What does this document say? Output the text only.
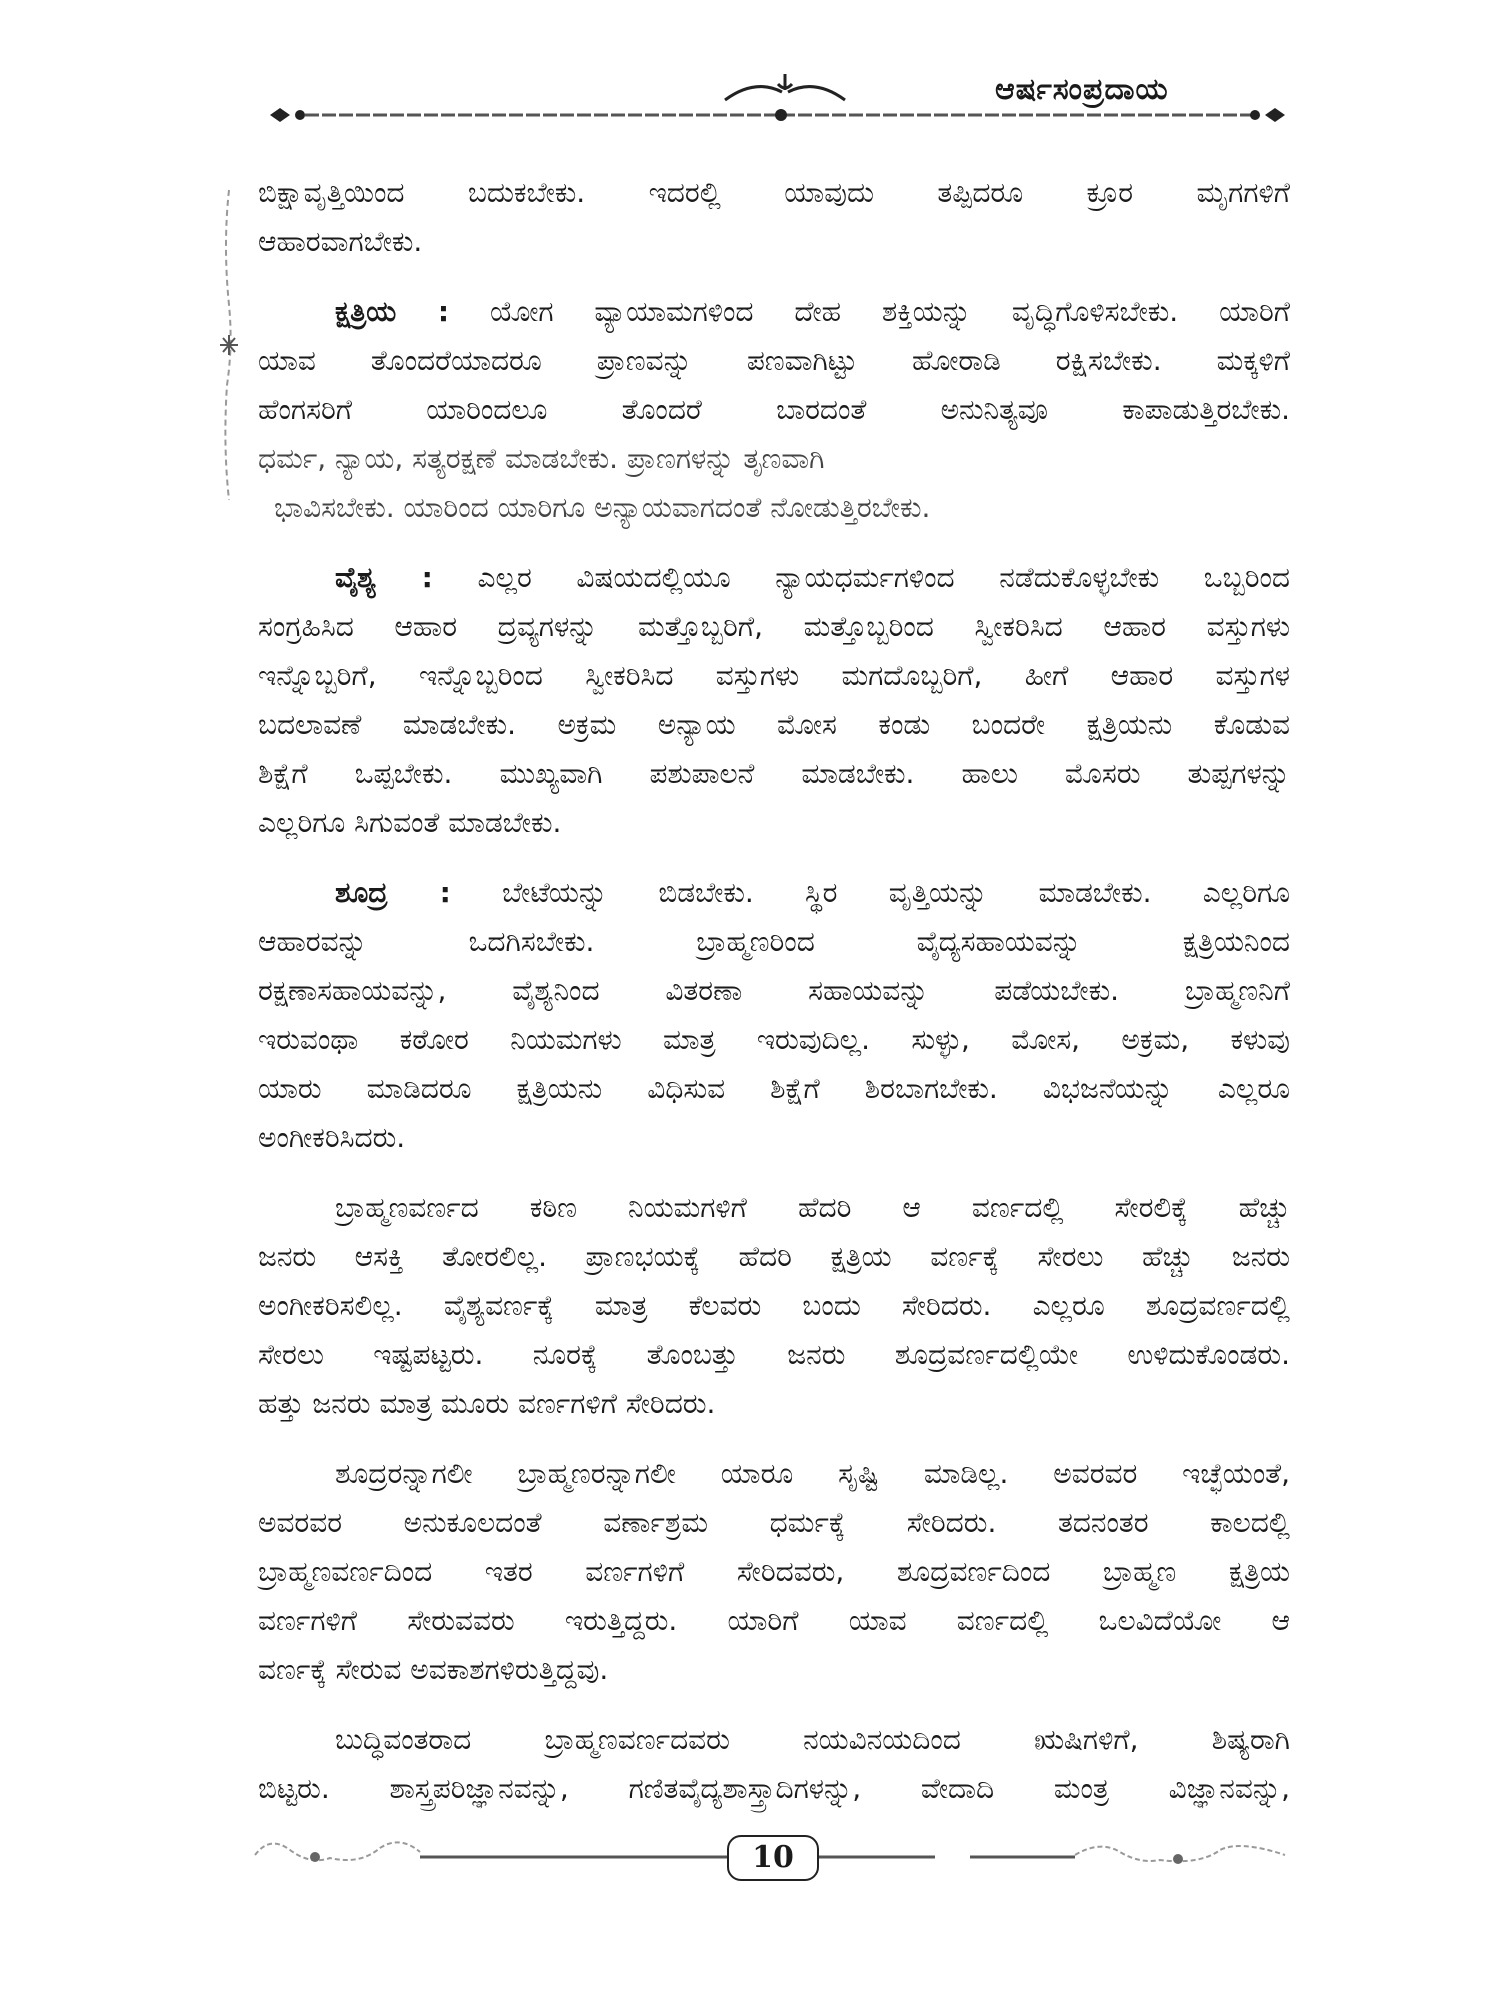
ಆರ್ಷಸಂಪ್ರದಾಯ
ಬಿಕ್ಷಾವೃತ್ತಿಯಿಂದ ಬದುಕಬೇಕು. ಇದರಲ್ಲಿ ಯಾವುದು ತಪ್ಪಿದರೂ ಕ್ರೂರ ಮೃಗಗಳಿಗೆ
ಆಹಾರವಾಗಬೇಕು.
ಕ್ಷತ್ರಿಯ : ಯೋಗ ವ್ಯಾಯಾಮಗಳಿಂದ ದೇಹ ಶಕ್ತಿಯನ್ನು ವೃದ್ಧಿಗೊಳಿಸಬೇಕು. ಯಾರಿಗೆ
ಯಾವ ತೊಂದರೆಯಾದರೂ ಪ್ರಾಣವನ್ನು ಪಣವಾಗಿಟ್ಟು ಹೋರಾಡಿ ರಕ್ಷಿಸಬೇಕು. ಮಕ್ಕಳಿಗೆ
ಹೆಂಗಸರಿಗೆ ಯಾರಿಂದಲೂ ತೊಂದರೆ ಬಾರದಂತೆ ಅನುನಿತ್ಯವೂ ಕಾಪಾಡುತ್ತಿರಬೇಕು.
ಧರ್ಮ, ನ್ಯಾಯ, ಸತ್ಯರಕ್ಷಣೆ ಮಾಡಬೇಕು. ಪ್ರಾಣಗಳನ್ನು ತೃಣವಾಗಿ
ಭಾವಿಸಬೇಕು. ಯಾರಿಂದ ಯಾರಿಗೂ ಅನ್ಯಾಯವಾಗದಂತೆ ನೋಡುತ್ತಿರಬೇಕು.
ವೈಶ್ಯ : ಎಲ್ಲರ ವಿಷಯದಲ್ಲಿಯೂ ನ್ಯಾಯಧರ್ಮಗಳಿಂದ ನಡೆದುಕೊಳ್ಳಬೇಕು ಒಬ್ಬರಿಂದ
ಸಂಗ್ರಹಿಸಿದ ಆಹಾರ ದ್ರವ್ಯಗಳನ್ನು ಮತ್ತೊಬ್ಬರಿಗೆ, ಮತ್ತೊಬ್ಬರಿಂದ ಸ್ವೀಕರಿಸಿದ ಆಹಾರ ವಸ್ತುಗಳು
ಇನ್ನೊಬ್ಬರಿಗೆ, ಇನ್ನೊಬ್ಬರಿಂದ ಸ್ವೀಕರಿಸಿದ ವಸ್ತುಗಳು ಮಗದೊಬ್ಬರಿಗೆ, ಹೀಗೆ ಆಹಾರ ವಸ್ತುಗಳ
ಬದಲಾವಣೆ ಮಾಡಬೇಕು. ಅಕ್ರಮ ಅನ್ಯಾಯ ಮೋಸ ಕಂಡು ಬಂದರೇ ಕ್ಷತ್ರಿಯನು ಕೊಡುವ
ಶಿಕ್ಷೆಗೆ ಒಪ್ಪಬೇಕು. ಮುಖ್ಯವಾಗಿ ಪಶುಪಾಲನೆ ಮಾಡಬೇಕು. ಹಾಲು ಮೊಸರು ತುಪ್ಪಗಳನ್ನು
ಎಲ್ಲರಿಗೂ ಸಿಗುವಂತೆ ಮಾಡಬೇಕು.
ಶೂದ್ರ : ಬೇಟೆಯನ್ನು ಬಿಡಬೇಕು. ಸ್ಥಿರ ವೃತ್ತಿಯನ್ನು ಮಾಡಬೇಕು. ಎಲ್ಲರಿಗೂ
ಆಹಾರವನ್ನು ಒದಗಿಸಬೇಕು. ಬ್ರಾಹ್ಮಣರಿಂದ ವೈದ್ಯಸಹಾಯವನ್ನು ಕ್ಷತ್ರಿಯನಿಂದ
ರಕ್ಷಣಾಸಹಾಯವನ್ನು, ವೈಶ್ಯನಿಂದ ವಿತರಣಾ ಸಹಾಯವನ್ನು ಪಡೆಯಬೇಕು. ಬ್ರಾಹ್ಮಣನಿಗೆ
ಇರುವಂಥಾ ಕಠೋರ ನಿಯಮಗಳು ಮಾತ್ರ ಇರುವುದಿಲ್ಲ. ಸುಳ್ಳು, ಮೋಸ, ಅಕ್ರಮ, ಕಳುವು
ಯಾರು ಮಾಡಿದರೂ ಕ್ಷತ್ರಿಯನು ವಿಧಿಸುವ ಶಿಕ್ಷೆಗೆ ಶಿರಬಾಗಬೇಕು. ವಿಭಜನೆಯನ್ನು ಎಲ್ಲರೂ
ಅಂಗೀಕರಿಸಿದರು.
ಬ್ರಾಹ್ಮಣವರ್ಣದ ಕಠಿಣ ನಿಯಮಗಳಿಗೆ ಹೆದರಿ ಆ ವರ್ಣದಲ್ಲಿ ಸೇರಲಿಕ್ಕೆ ಹೆಚ್ಚು
ಜನರು ಆಸಕ್ತಿ ತೋರಲಿಲ್ಲ. ಪ್ರಾಣಭಯಕ್ಕೆ ಹೆದರಿ ಕ್ಷತ್ರಿಯ ವರ್ಣಕ್ಕೆ ಸೇರಲು ಹೆಚ್ಚು ಜನರು
ಅಂಗೀಕರಿಸಲಿಲ್ಲ. ವೈಶ್ಯವರ್ಣಕ್ಕೆ ಮಾತ್ರ ಕೆಲವರು ಬಂದು ಸೇರಿದರು. ಎಲ್ಲರೂ ಶೂದ್ರವರ್ಣದಲ್ಲಿ
ಸೇರಲು ಇಷ್ಟಪಟ್ಟರು. ನೂರಕ್ಕೆ ತೊಂಬತ್ತು ಜನರು ಶೂದ್ರವರ್ಣದಲ್ಲಿಯೇ ಉಳಿದುಕೊಂಡರು.
ಹತ್ತು ಜನರು ಮಾತ್ರ ಮೂರು ವರ್ಣಗಳಿಗೆ ಸೇರಿದರು.
ಶೂದ್ರರನ್ನಾಗಲೀ ಬ್ರಾಹ್ಮಣರನ್ನಾಗಲೀ ಯಾರೂ ಸೃಷ್ಟಿ ಮಾಡಿಲ್ಲ. ಅವರವರ ಇಚ್ಛೆಯಂತೆ,
ಅವರವರ ಅನುಕೂಲದಂತೆ ವರ್ಣಾಶ್ರಮ ಧರ್ಮಕ್ಕೆ ಸೇರಿದರು. ತದನಂತರ ಕಾಲದಲ್ಲಿ
ಬ್ರಾಹ್ಮಣವರ್ಣದಿಂದ ಇತರ ವರ್ಣಗಳಿಗೆ ಸೇರಿದವರು, ಶೂದ್ರವರ್ಣದಿಂದ ಬ್ರಾಹ್ಮಣ ಕ್ಷತ್ರಿಯ
ವರ್ಣಗಳಿಗೆ ಸೇರುವವರು ಇರುತ್ತಿದ್ದರು. ಯಾರಿಗೆ ಯಾವ ವರ್ಣದಲ್ಲಿ ಒಲವಿದೆಯೋ ಆ
ವರ್ಣಕ್ಕೆ ಸೇರುವ ಅವಕಾಶಗಳಿರುತ್ತಿದ್ದವು.
ಬುದ್ಧಿವಂತರಾದ ಬ್ರಾಹ್ಮಣವರ್ಣದವರು ನಯವಿನಯದಿಂದ ಋಷಿಗಳಿಗೆ, ಶಿಷ್ಯರಾಗಿ
ಬಿಟ್ಟರು. ಶಾಸ್ತ್ರಪರಿಜ್ಞಾನವನ್ನು, ಗಣಿತವೈದ್ಯಶಾಸ್ತ್ರಾದಿಗಳನ್ನು, ವೇದಾದಿ ಮಂತ್ರ ವಿಜ್ಞಾನವನ್ನು,
10
